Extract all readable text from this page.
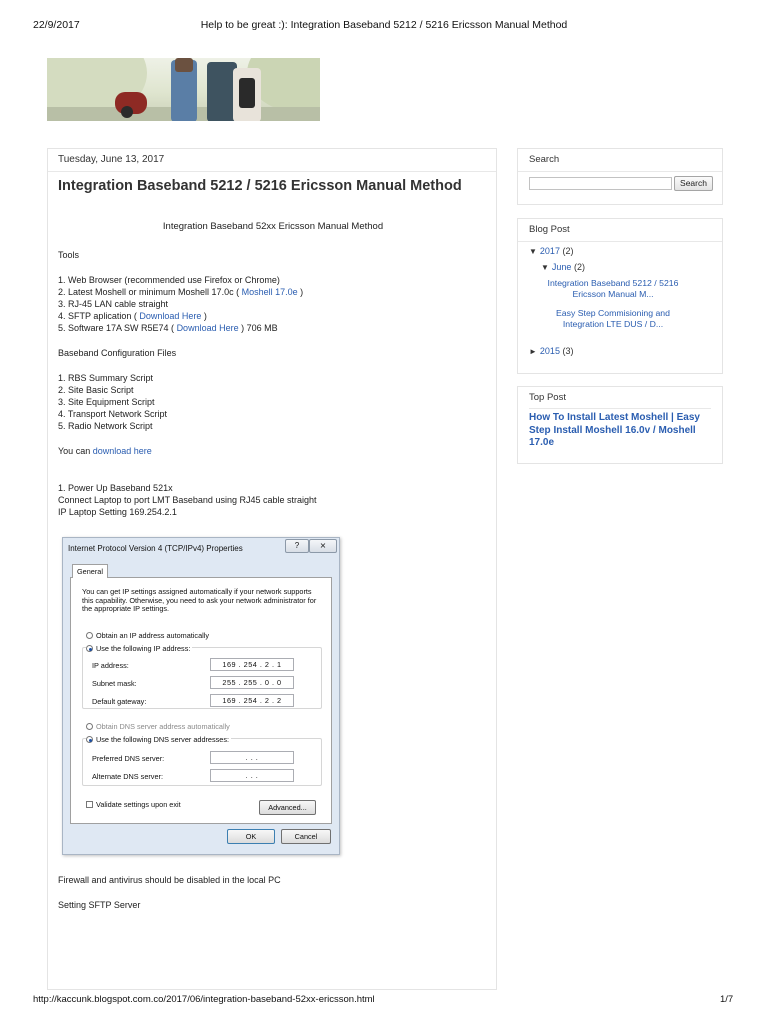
22/9/2017	Help to be great :): Integration Baseband 5212 / 5216 Ericsson Manual Method
Tuesday, June 13, 2017
Integration Baseband 5212 / 5216 Ericsson Manual Method
Integration Baseband 52xx Ericsson Manual Method
Tools
1. Web Browser (recommended use Firefox or Chrome)
2. Latest Moshell or minimum Moshell 17.0c ( Moshell 17.0e )
3. RJ-45 LAN cable straight
4. SFTP aplication ( Download Here )
5. Software 17A SW R5E74 ( Download Here ) 706 MB
Baseband Configuration Files
1. RBS Summary Script
2. Site Basic Script
3. Site Equipment Script
4. Transport Network Script
5. Radio Network Script
You can download here
1. Power Up Baseband 521x
Connect Laptop to port LMT Baseband using RJ45 cable straight
IP Laptop Setting 169.254.2.1
Firewall and antivirus should be disabled in the local PC
Setting SFTP Server
Internet Protocol Version 4 (TCP/IPv4) Properties	?	⨯
General
You can get IP settings assigned automatically if your network supports this capability. Otherwise, you need to ask your network administrator for the appropriate IP settings.
Obtain an IP address automatically
Use the following IP address:
IP address:	169 . 254 . 2 . 1
Subnet mask:	255 . 255 . 0 . 0
Default gateway:	169 . 254 . 2 . 2
Obtain DNS server address automatically
Use the following DNS server addresses:
Preferred DNS server:	. . .
Alternate DNS server:	. . .
Validate settings upon exit	Advanced...
OK	Cancel
Search
Search
Blog Post
▼ 2017 (2)
▼ June (2)
Integration Baseband 5212 / 5216 Ericsson Manual M...
Easy Step Commisioning and Integration LTE DUS / D...
► 2015 (3)
Top Post
How To Install Latest Moshell | Easy Step Install Moshell 16.0v / Moshell 17.0e
http://kaccunk.blogspot.com.co/2017/06/integration-baseband-52xx-ericsson.html	1/7
